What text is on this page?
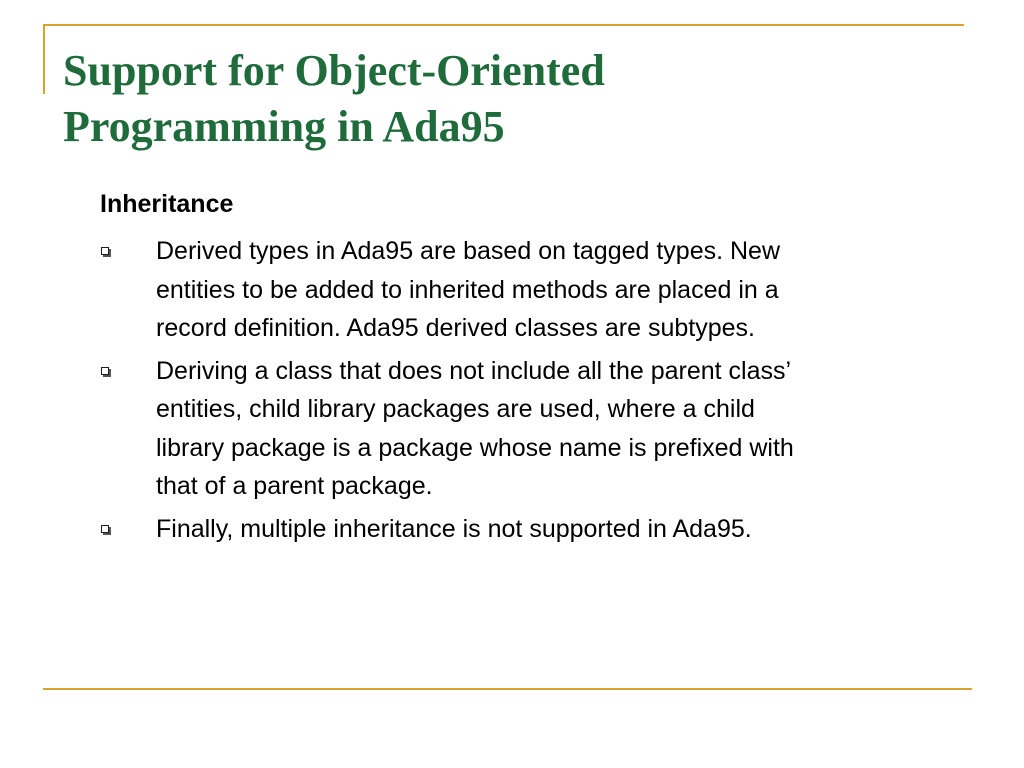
Support for Object-Oriented
Programming in Ada95

Inheritance

Derived types in Ada95 are based on tagged types. New
entities to be added to inherited methods are placed in a
record definition. Ada95 derived classes are subtypes.
Deriving a class that does not include all the parent class’
entities, child library packages are used, where a child
library package is a package whose name is prefixed with
that of a parent package.
Finally, multiple inheritance is not supported in Ada95.
